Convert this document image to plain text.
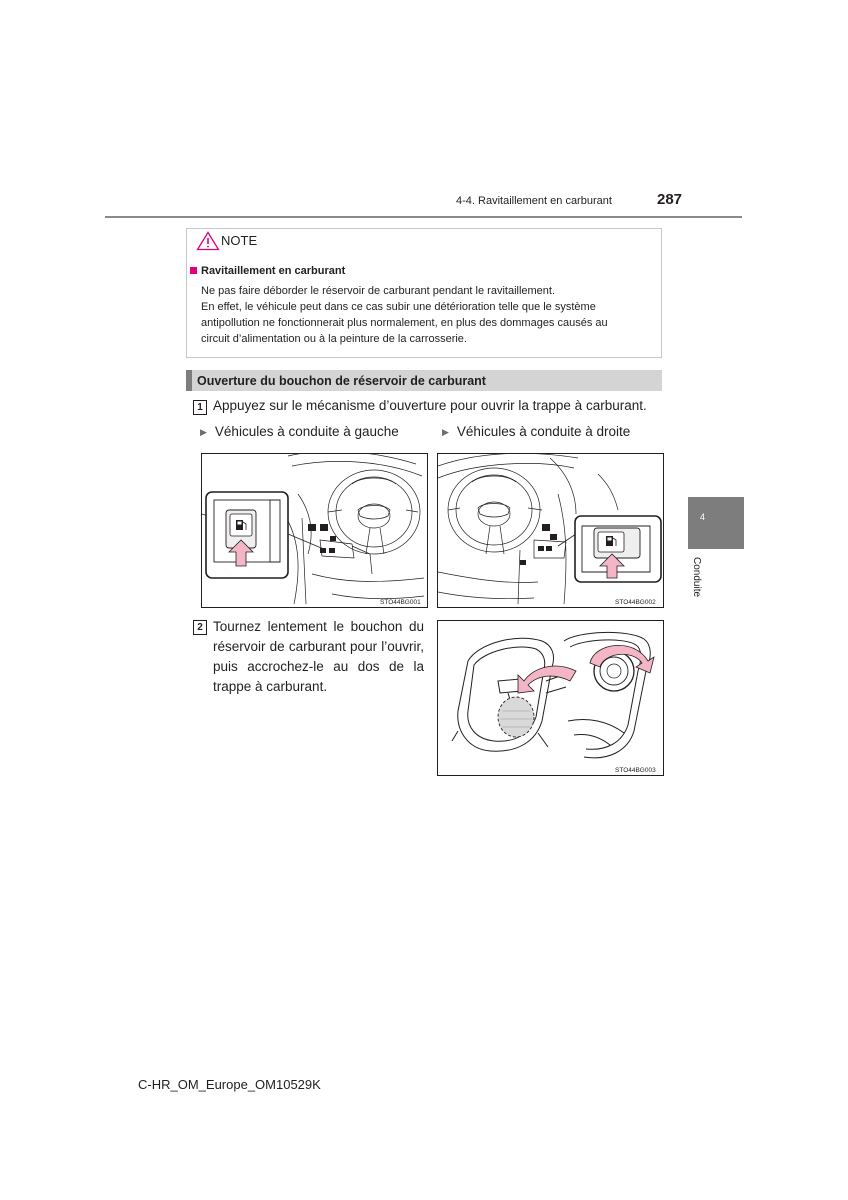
4-4. Ravitaillement en carburant	287
4
Conduite
NOTE
Ravitaillement en carburant
Ne pas faire déborder le réservoir de carburant pendant le ravitaillement.
En effet, le véhicule peut dans ce cas subir une détérioration telle que le système
antipollution ne fonctionnerait plus normalement, en plus des dommages causés au
circuit d’alimentation ou à la peinture de la carrosserie.
Ouverture du bouchon de réservoir de carburant
1 Appuyez sur le mécanisme d’ouverture pour ouvrir la trappe à carburant.
▶ Véhicules à conduite à gauche	▶ Véhicules à conduite à droite
STO44BG001	STO44BG002
2 Tournez lentement le bouchon du
réservoir de carburant pour l’ouvrir,
puis accrochez-le au dos de la
trappe à carburant.
STO44BG003
C-HR_OM_Europe_OM10529K
